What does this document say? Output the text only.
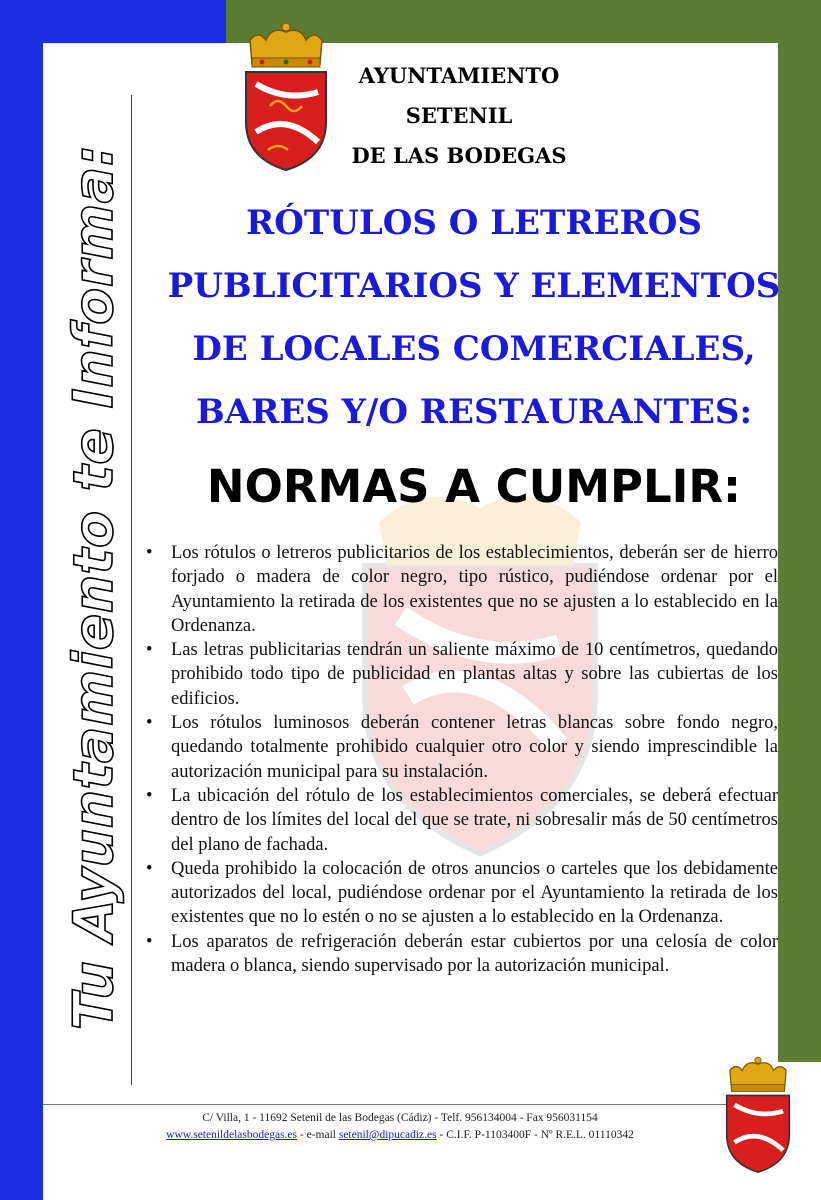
Tu Ayuntamiento te Informa:
AYUNTAMIENTO
SETENIL
DE LAS BODEGAS
RÓTULOS O LETREROS
PUBLICITARIOS Y ELEMENTOS
DE LOCALES COMERCIALES,
BARES Y/O RESTAURANTES:
NORMAS A CUMPLIR:
• Los rótulos o letreros publicitarios de los establecimientos, deberán ser de hierro forjado o madera de color negro, tipo rústico, pudiéndose ordenar por el Ayuntamiento la retirada de los existentes que no se ajusten a lo establecido en la Ordenanza.
• Las letras publicitarias tendrán un saliente máximo de 10 centímetros, quedando prohibido todo tipo de publicidad en plantas altas y sobre las cubiertas de los edificios.
• Los rótulos luminosos deberán contener letras blancas sobre fondo negro, quedando totalmente prohibido cualquier otro color y siendo imprescindible la autorización municipal para su instalación.
• La ubicación del rótulo de los establecimientos comerciales, se deberá efectuar dentro de los límites del local del que se trate, ni sobresalir más de 50 centímetros del plano de fachada.
• Queda prohibido la colocación de otros anuncios o carteles que los debidamente autorizados del local, pudiéndose ordenar por el Ayuntamiento la retirada de los existentes que no lo estén o no se ajusten a lo establecido en la Ordenanza.
• Los aparatos de refrigeración deberán estar cubiertos por una celosía de color madera o blanca, siendo supervisado por la autorización municipal.
C/ Villa, 1 - 11692 Setenil de las Bodegas (Cádiz) - Telf. 956134004 - Fax 956031154
www.setenildelasbodegas.es - e-mail setenil@dipucadiz.es - C.I.F. P-1103400F - Nº R.E.L. 01110342
